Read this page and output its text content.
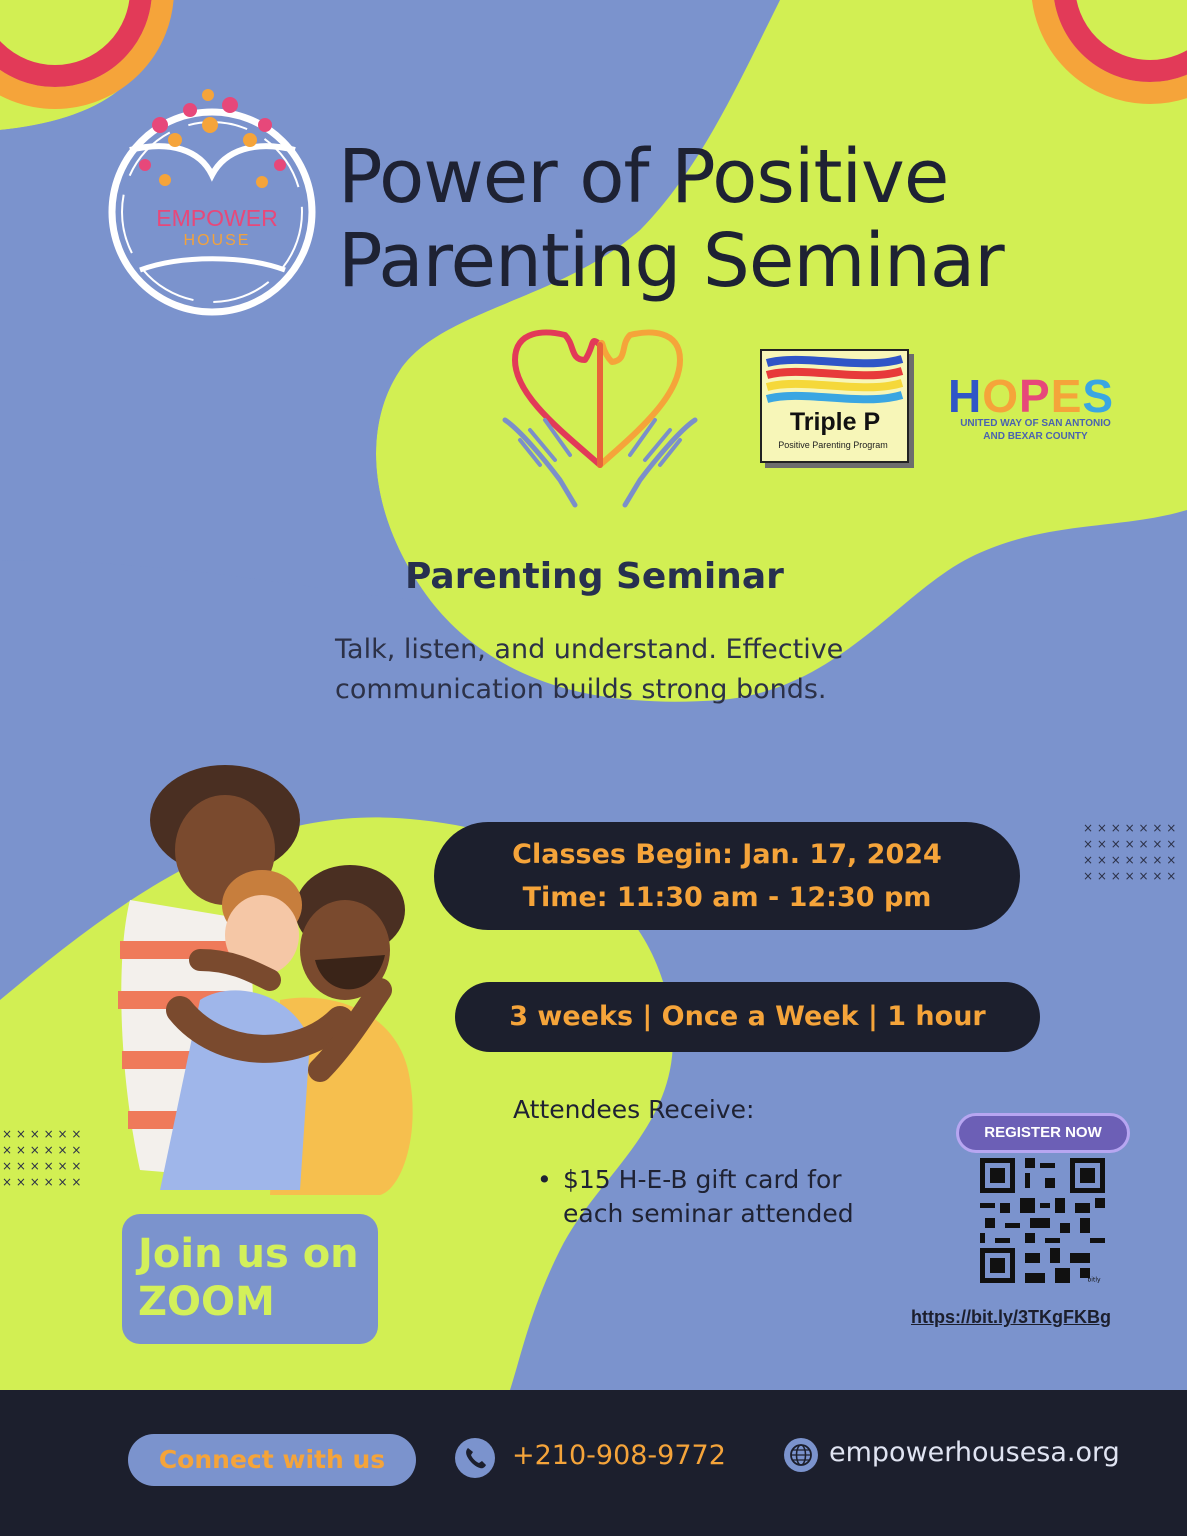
× × × × × × ×
× × × × × × ×
× × × × × × ×
× × × × × × ×
× × × × × ×
× × × × × ×
× × × × × ×
× × × × × ×
EMPOWER
HOUSE
Triple P
Positive Parenting Program
HOPES
UNITED WAY OF SAN ANTONIO
AND BEXAR COUNTY
Power of Positive
Parenting Seminar
Parenting Seminar
Talk, listen, and understand. Effective
communication builds strong bonds.
Classes Begin: Jan. 17, 2024
Time: 11:30 am - 12:30 pm
3 weeks | Once a Week | 1 hour
Attendees Receive:
• $15 H-E-B gift card for each seminar attended
REGISTER NOW
bitly
https://bit.ly/3TKgFKBg
Join us on
ZOOM
Connect with us	+210-908-9772	empowerhousesa.org
